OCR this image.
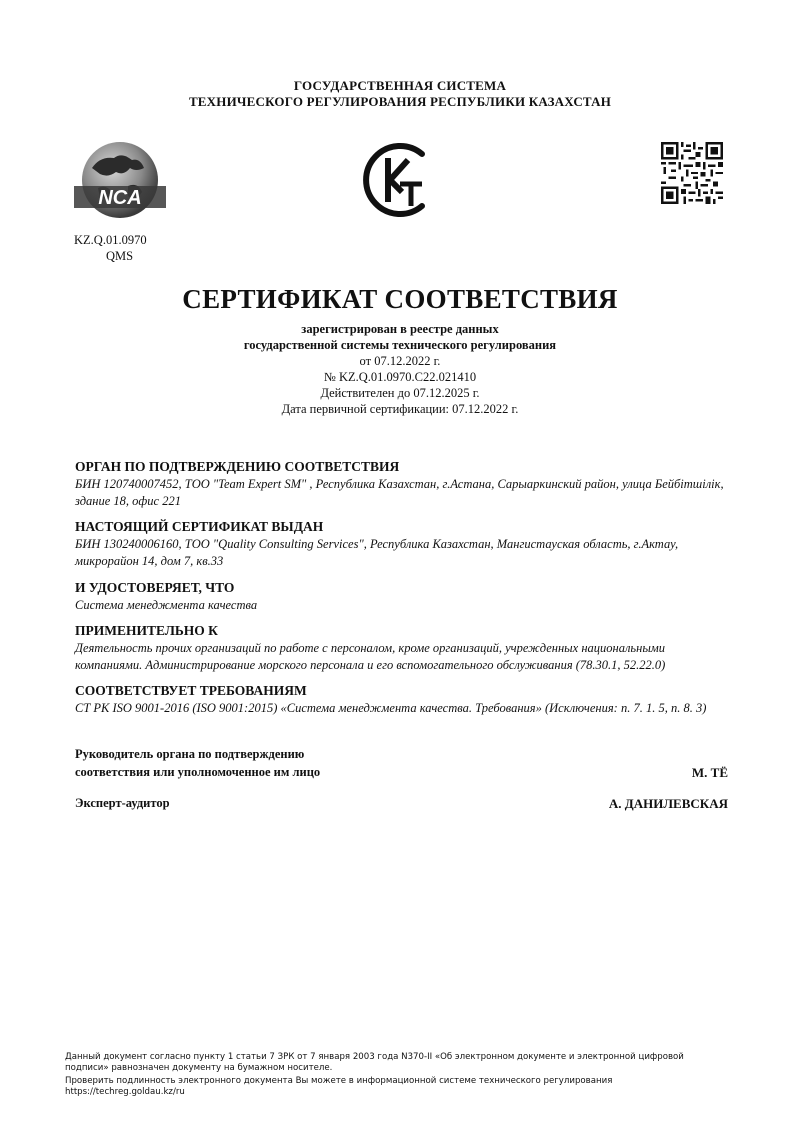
ГОСУДАРСТВЕННАЯ СИСТЕМА
ТЕХНИЧЕСКОГО РЕГУЛИРОВАНИЯ РЕСПУБЛИКИ КАЗАХСТАН
NCA
KZ.Q.01.0970
QMS
СЕРТИФИКАТ СООТВЕТСТВИЯ
зарегистрирован в реестре данных
государственной системы технического регулирования
от 07.12.2022 г.
№ KZ.Q.01.0970.C22.021410
Действителен до 07.12.2025 г.
Дата первичной сертификации: 07.12.2022 г.

ОРГАН ПО ПОДТВЕРЖДЕНИЮ СООТВЕТСТВИЯ

БИН 120740007452, ТОО "Team Expert SM" , Республика Казахстан, г.Астана, Сарыаркинский район, улица Бейбітшілік, здание 18, офис 221

НАСТОЯЩИЙ СЕРТИФИКАТ ВЫДАН

БИН 130240006160, ТОО "Quality Consulting Services", Республика Казахстан, Мангистауская область, г.Актау, микрорайон 14, дом 7, кв.33

И УДОСТОВЕРЯЕТ, ЧТО

Система менеджмента качества

ПРИМЕНИТЕЛЬНО К

Деятельность прочих организаций по работе с персоналом, кроме организаций, учрежденных национальными компаниями. Администрирование морского персонала и его вспомогательного обслуживания (78.30.1, 52.22.0)

СООТВЕТСТВУЕТ ТРЕБОВАНИЯМ

СТ РК ISO 9001-2016 (ISO 9001:2015) «Система менеджмента качества. Требования» (Исключения: п. 7. 1. 5, п. 8. 3)

Руководитель органа по подтверждению
соответствия или уполномоченное им лицо	М. ТЁ
Эксперт-аудитор	А. ДАНИЛЕВСКАЯ
Данный документ согласно пункту 1 статьи 7 ЗРК от 7 января 2003 года N370-II «Об электронном документе и электронной цифровой
подписи» равнозначен документу на бумажном носителе.
Проверить подлинность электронного документа Вы можете в информационной системе технического регулирования
https://techreg.goldau.kz/ru
